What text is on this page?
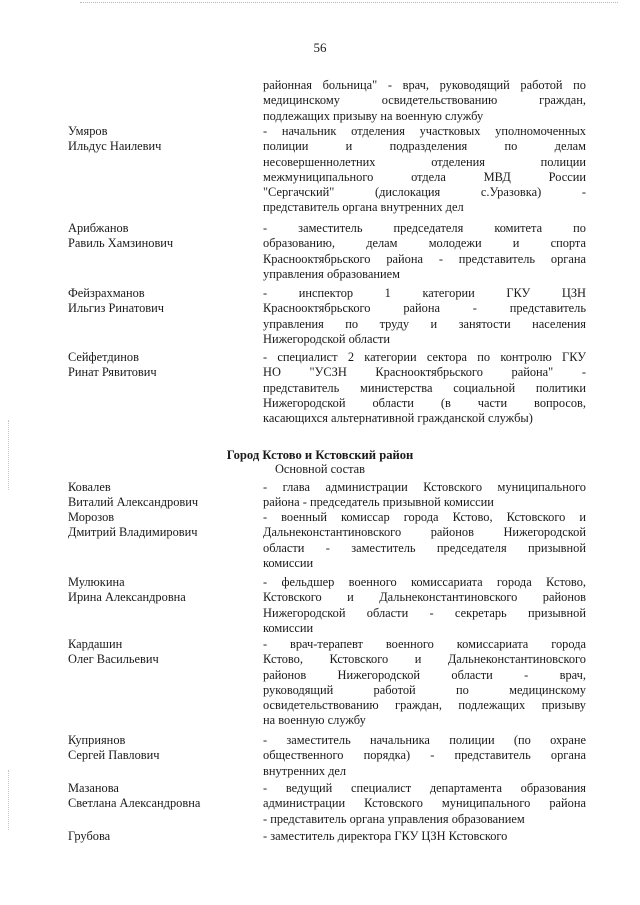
56
районная больница" - врач, руководящий работой по
медицинскому освидетельствованию граждан,
подлежащих призыву на военную службу
Умяров
Ильдус Наилевич
- начальник отделения участковых уполномоченных
полиции и подразделения по делам
несовершеннолетних отделения полиции
межмуниципального отдела МВД России
"Сергачский" (дислокация с.Уразовка) -
представитель органа внутренних дел
Арибжанов
Равиль Хамзинович
- заместитель председателя комитета по
образованию, делам молодежи и спорта
Краснооктябрьского района - представитель органа
управления образованием
Фейзрахманов
Ильгиз Ринатович
- инспектор 1 категории ГКУ ЦЗН
Краснооктябрьского района - представитель
управления по труду и занятости населения
Нижегородской области
Сейфетдинов
Ринат Рявитович
- специалист 2 категории сектора по контролю ГКУ
НО "УСЗН Краснооктябрьского района" -
представитель министерства социальной политики
Нижегородской области (в части вопросов,
касающихся альтернативной гражданской службы)
Город Кстово и Кстовский район
Основной состав
Ковалев
Виталий Александрович
- глава администрации Кстовского муниципального
района - председатель призывной комиссии
Морозов
Дмитрий Владимирович
- военный комиссар города Кстово, Кстовского и
Дальнеконстантиновского районов Нижегородской
области - заместитель председателя призывной
комиссии
Мулюкина
Ирина Александровна
- фельдшер военного комиссариата города Кстово,
Кстовского и Дальнеконстантиновского районов
Нижегородской области - секретарь призывной
комиссии
Кардашин
Олег Васильевич
- врач-терапевт военного комиссариата города
Кстово, Кстовского и Дальнеконстантиновского
районов Нижегородской области - врач,
руководящий работой по медицинскому
освидетельствованию граждан, подлежащих призыву
на военную службу
Куприянов
Сергей Павлович
- заместитель начальника полиции (по охране
общественного порядка) - представитель органа
внутренних дел
Мазанова
Светлана Александровна
- ведущий специалист департамента образования
администрации Кстовского муниципального района
- представитель органа управления образованием
Грубова	- заместитель директора ГКУ ЦЗН Кстовского
